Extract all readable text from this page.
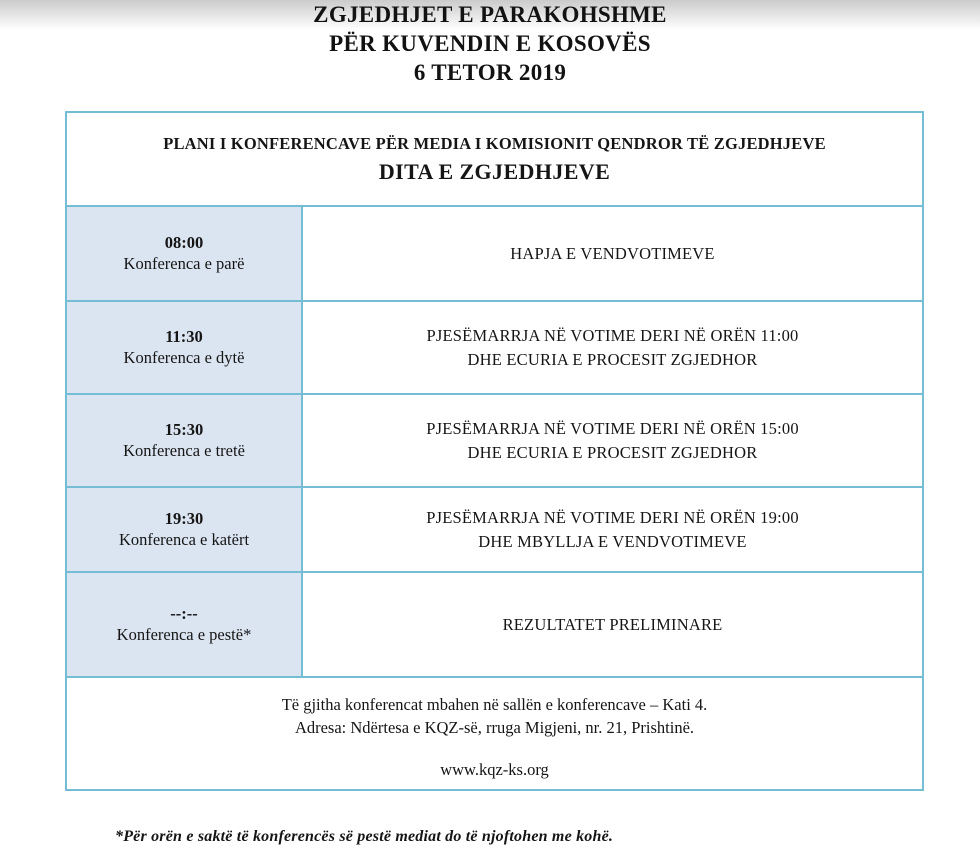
ZGJEDHJET E PARAKOHSHME
PËR KUVENDIN E KOSOVËS
6 TETOR 2019
PLANI I KONFERENCAVE PËR MEDIA I KOMISIONIT QENDROR TË ZGJEDHJEVE
DITA E ZGJEDHJEVE
08:00
Konferenca e parë
HAPJA E VENDVOTIMEVE
11:30
Konferenca e dytë
PJESËMARRJA NË VOTIME DERI NË ORËN 11:00
DHE ECURIA E PROCESIT ZGJEDHOR
15:30
Konferenca e tretë
PJESËMARRJA NË VOTIME DERI NË ORËN 15:00
DHE ECURIA E PROCESIT ZGJEDHOR
19:30
Konferenca e katërt
PJESËMARRJA NË VOTIME DERI NË ORËN 19:00
DHE MBYLLJA E VENDVOTIMEVE
--:--
Konferenca e pestë*
REZULTATET PRELIMINARE
Të gjitha konferencat mbahen në sallën e konferencave – Kati 4.
Adresa: Ndërtesa e KQZ-së, rruga Migjeni, nr. 21, Prishtinë.
www.kqz-ks.org
*Për orën e saktë të konferencës së pestë mediat do të njoftohen me kohë.
